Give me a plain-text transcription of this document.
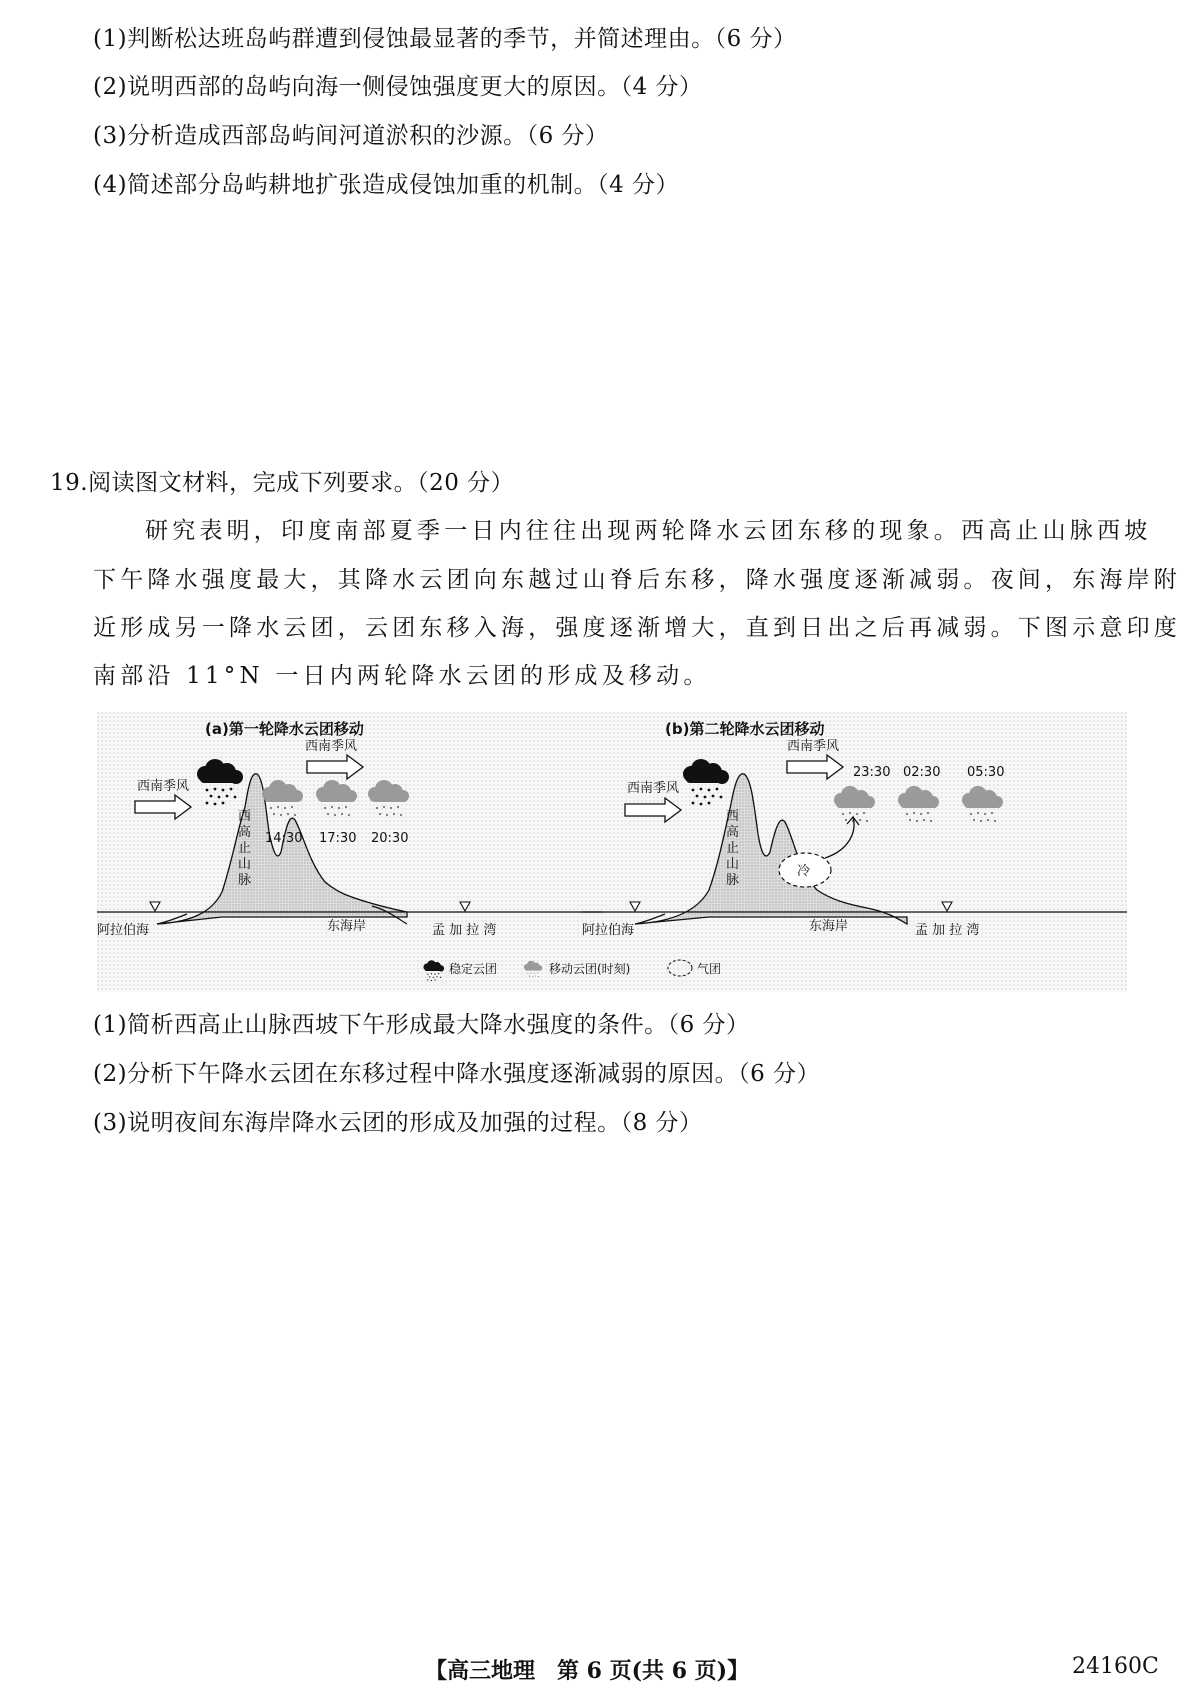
(1)判断松达班岛屿群遭到侵蚀最显著的季节，并简述理由。（6 分）
(2)说明西部的岛屿向海一侧侵蚀强度更大的原因。（4 分）
(3)分析造成西部岛屿间河道淤积的沙源。（6 分）
(4)简述部分岛屿耕地扩张造成侵蚀加重的机制。（4 分）
19.阅读图文材料，完成下列要求。（20 分）
研究表明，印度南部夏季一日内往往出现两轮降水云团东移的现象。西高止山脉西坡
下午降水强度最大，其降水云团向东越过山脊后东移，降水强度逐渐减弱。夜间，东海岸附
近形成另一降水云团，云团东移入海，强度逐渐增大，直到日出之后再减弱。下图示意印度
南部沿 11°N 一日内两轮降水云团的形成及移动。
(a)第一轮降水云团移动
西南季风
西南季风
14:30 17:30 20:30
西
高
止
山
脉
阿拉伯海	东海岸	孟 加 拉 湾
(b)第二轮降水云团移动
西南季风
西南季风
23:30 02:30 05:30
冷
西
高
止
山
脉
阿拉伯海	东海岸	孟 加 拉 湾
稳定云团	移动云团(时刻)	气团
(1)简析西高止山脉西坡下午形成最大降水强度的条件。（6 分）
(2)分析下午降水云团在东移过程中降水强度逐渐减弱的原因。（6 分）
(3)说明夜间东海岸降水云团的形成及加强的过程。（8 分）
【高三地理　第 6 页(共 6 页)】	24160C
